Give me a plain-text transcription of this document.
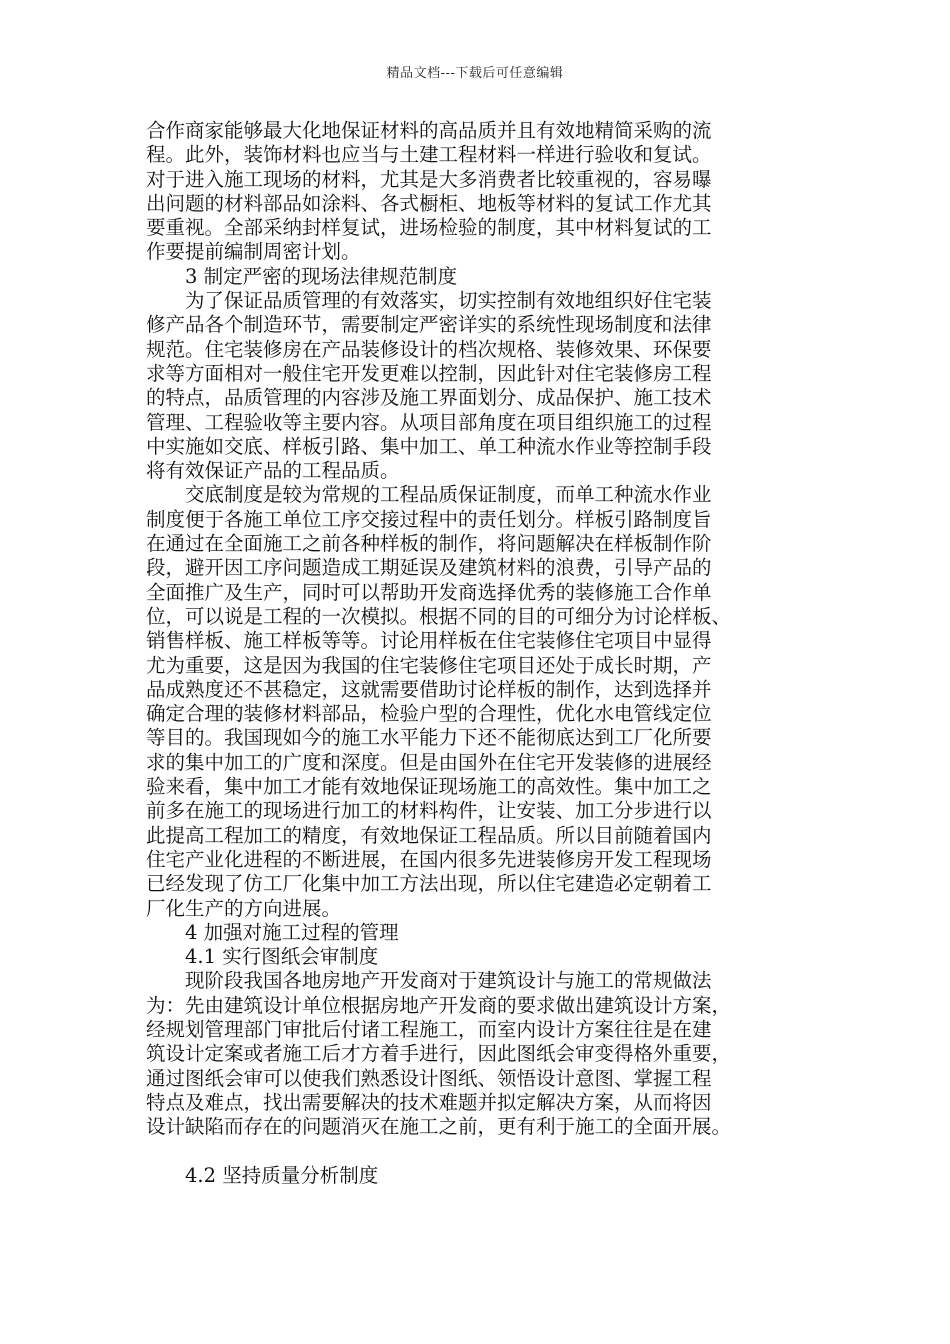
精品文档---下载后可任意编辑
合作商家能够最大化地保证材料的高品质并且有效地精简采购的流
程。此外，装饰材料也应当与土建工程材料一样进行验收和复试。
对于进入施工现场的材料，尤其是大多消费者比较重视的，容易曝
出问题的材料部品如涂料、各式橱柜、地板等材料的复试工作尤其
要重视。全部采纳封样复试，进场检验的制度，其中材料复试的工
作要提前编制周密计划。
3 制定严密的现场法律规范制度
为了保证品质管理的有效落实，切实控制有效地组织好住宅装
修产品各个制造环节，需要制定严密详实的系统性现场制度和法律
规范。住宅装修房在产品装修设计的档次规格、装修效果、环保要
求等方面相对一般住宅开发更难以控制，因此针对住宅装修房工程
的特点，品质管理的内容涉及施工界面划分、成品保护、施工技术
管理、工程验收等主要内容。从项目部角度在项目组织施工的过程
中实施如交底、样板引路、集中加工、单工种流水作业等控制手段
将有效保证产品的工程品质。
交底制度是较为常规的工程品质保证制度，而单工种流水作业
制度便于各施工单位工序交接过程中的责任划分。样板引路制度旨
在通过在全面施工之前各种样板的制作，将问题解决在样板制作阶
段，避开因工序问题造成工期延误及建筑材料的浪费，引导产品的
全面推广及生产，同时可以帮助开发商选择优秀的装修施工合作单
位，可以说是工程的一次模拟。根据不同的目的可细分为讨论样板、
销售样板、施工样板等等。讨论用样板在住宅装修住宅项目中显得
尤为重要，这是因为我国的住宅装修住宅项目还处于成长时期，产
品成熟度还不甚稳定，这就需要借助讨论样板的制作，达到选择并
确定合理的装修材料部品，检验户型的合理性，优化水电管线定位
等目的。我国现如今的施工水平能力下还不能彻底达到工厂化所要
求的集中加工的广度和深度。但是由国外在住宅开发装修的进展经
验来看，集中加工才能有效地保证现场施工的高效性。集中加工之
前多在施工的现场进行加工的材料构件，让安装、加工分步进行以
此提高工程加工的精度，有效地保证工程品质。所以目前随着国内
住宅产业化进程的不断进展，在国内很多先进装修房开发工程现场
已经发现了仿工厂化集中加工方法出现，所以住宅建造必定朝着工
厂化生产的方向进展。
4 加强对施工过程的管理
4.1 实行图纸会审制度
现阶段我国各地房地产开发商对于建筑设计与施工的常规做法
为：先由建筑设计单位根据房地产开发商的要求做出建筑设计方案，
经规划管理部门审批后付诸工程施工，而室内设计方案往往是在建
筑设计定案或者施工后才方着手进行，因此图纸会审变得格外重要，
通过图纸会审可以使我们熟悉设计图纸、领悟设计意图、掌握工程
特点及难点，找出需要解决的技术难题并拟定解决方案，从而将因
设计缺陷而存在的问题消灭在施工之前，更有利于施工的全面开展。
4.2 坚持质量分析制度
